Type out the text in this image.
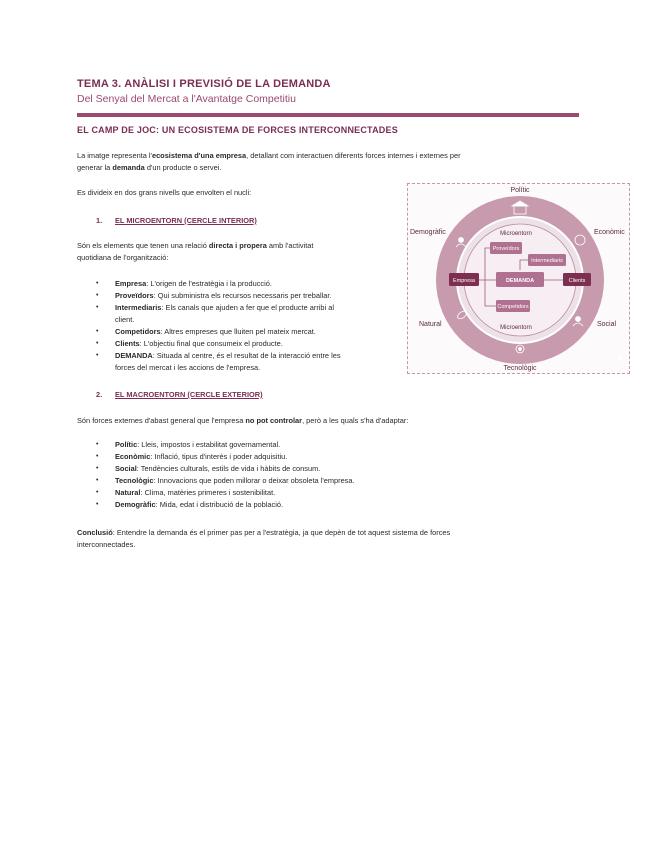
TEMA 3. ANÀLISI I PREVISIÓ DE LA DEMANDA
Del Senyal del Mercat a l'Avantatge Competitiu
EL CAMP DE JOC: UN ECOSISTEMA DE FORCES INTERCONNECTADES
La imatge representa l'ecosistema d'una empresa, detallant com interactuen diferents forces internes i externes per
generar la demanda d'un producte o servei.
Es divideix en dos grans nivells que envolten el nucli:
1. EL MICROENTORN (CERCLE INTERIOR)
Són els elements que tenen una relació directa i propera amb l'activitat
quotidiana de l'organització:
• Empresa: L'origen de l'estratègia i la producció.
• Proveïdors: Qui subministra els recursos necessaris per treballar.
• Intermediaris: Els canals que ajuden a fer que el producte arribi al
client.
• Competidors: Altres empreses que lluiten pel mateix mercat.
• Clients: L'objectiu final que consumeix el producte.
• DEMANDA: Situada al centre, és el resultat de la interacció entre les
forces del mercat i les accions de l'empresa.
2. EL MACROENTORN (CERCLE EXTERIOR)
Són forces externes d'abast general que l'empresa no pot controlar, però a les quals s'ha d'adaptar:
• Polític: Lleis, impostos i estabilitat governamental.
• Econòmic: Inflació, tipus d'interès i poder adquisitiu.
• Social: Tendències culturals, estils de vida i hàbits de consum.
• Tecnològic: Innovacions que poden millorar o deixar obsoleta l'empresa.
• Natural: Clima, matèries primeres i sostenibilitat.
• Demogràfic: Mida, edat i distribució de la població.
Conclusió: Entendre la demanda és el primer pas per a l'estratègia, ja que depèn de tot aquest sistema de forces
interconnectades.
Polític
Econòmic
Social
Tecnològic
Natural
Demogràfic	Microentorn
Microentorn
Proveïdors
Intermediaris
Empresa	DEMANDA	Clients
Competidors
